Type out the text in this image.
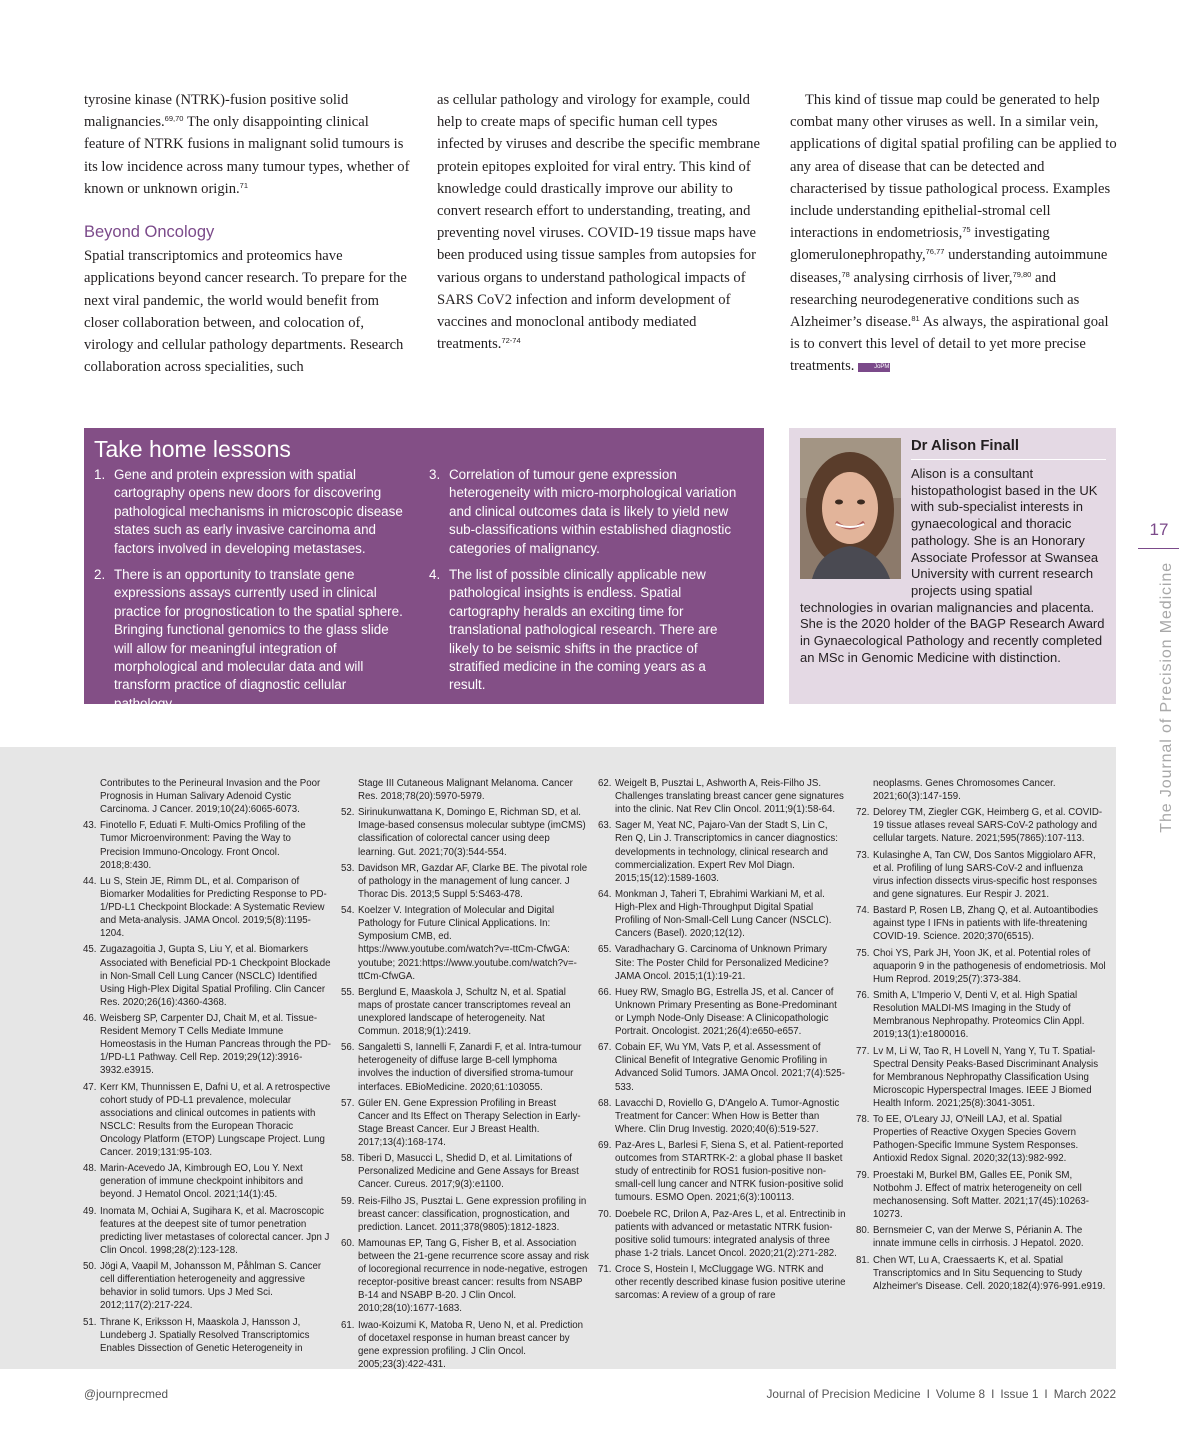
tyrosine kinase (NTRK)-fusion positive solid malignancies.$^{69,70}$ The only disappointing clinical feature of NTRK fusions in malignant solid tumours is its low incidence across many tumour types, whether of known or unknown origin.$^{71}$

Beyond Oncology

Spatial transcriptomics and proteomics have applications beyond cancer research. To prepare for the next viral pandemic, the world would benefit from closer collaboration between, and colocation of, virology and cellular pathology departments. Research collaboration across specialities, such

as cellular pathology and virology for example, could help to create maps of specific human cell types infected by viruses and describe the specific membrane protein epitopes exploited for viral entry. This kind of knowledge could drastically improve our ability to convert research effort to understanding, treating, and preventing novel viruses. COVID-19 tissue maps have been produced using tissue samples from autopsies for various organs to understand pathological impacts of SARS CoV2 infection and inform development of vaccines and monoclonal antibody mediated treatments.$^{72-74}$

This kind of tissue map could be generated to help combat many other viruses as well. In a similar vein, applications of digital spatial profiling can be applied to any area of disease that can be detected and characterised by tissue pathological process. Examples include understanding epithelial-stromal cell interactions in endometriosis,$^{75}$ investigating glomerulonephropathy,$^{76,77}$ understanding autoimmune diseases,$^{78}$ analysing cirrhosis of liver,$^{79,80}$ and researching neurodegenerative conditions such as Alzheimer’s disease.$^{81}$ As always, the aspirational goal is to convert this level of detail to yet more precise treatments.	JoPM

Take home lessons
1. Gene and protein expression with spatial cartography opens new doors for discovering pathological mechanisms in microscopic disease states such as early invasive carcinoma and factors involved in developing metastases.
2. There is an opportunity to translate gene expressions assays currently used in clinical practice for prognostication to the spatial sphere. Bringing functional genomics to the glass slide will allow for meaningful integration of morphological and molecular data and will transform practice of diagnostic cellular pathology.
3. Correlation of tumour gene expression heterogeneity with micro-morphological variation and clinical outcomes data is likely to yield new sub-classifications within established diagnostic categories of malignancy.
4. The list of possible clinically applicable new pathological insights is endless. Spatial cartography heralds an exciting time for translational pathological research. There are likely to be seismic shifts in the practice of stratified medicine in the coming years as a result.
Dr Alison Finall
Alison is a consultant histopathologist based in the UK with sub-specialist interests in gynaecological and thoracic pathology. She is an Honorary Associate Professor at Swansea University with current research projects using spatial technologies in ovarian malignancies and placenta. She is the 2020 holder of the BAGP Research Award in Gynaecological Pathology and recently completed an MSc in Genomic Medicine with distinction.
17
The Journal of Precision Medicine
Contributes to the Perineural Invasion and the Poor Prognosis in Human Salivary Adenoid Cystic Carcinoma. J Cancer. 2019;10(24):6065-6073.
43. Finotello F, Eduati F. Multi-Omics Profiling of the Tumor Microenvironment: Paving the Way to Precision Immuno-Oncology. Front Oncol. 2018;8:430.
44. Lu S, Stein JE, Rimm DL, et al. Comparison of Biomarker Modalities for Predicting Response to PD-1/PD-L1 Checkpoint Blockade: A Systematic Review and Meta-analysis. JAMA Oncol. 2019;5(8):1195-1204.
45. Zugazagoitia J, Gupta S, Liu Y, et al. Biomarkers Associated with Beneficial PD-1 Checkpoint Blockade in Non-Small Cell Lung Cancer (NSCLC) Identified Using High-Plex Digital Spatial Profiling. Clin Cancer Res. 2020;26(16):4360-4368.
46. Weisberg SP, Carpenter DJ, Chait M, et al. Tissue-Resident Memory T Cells Mediate Immune Homeostasis in the Human Pancreas through the PD-1/PD-L1 Pathway. Cell Rep. 2019;29(12):3916-3932.e3915.
47. Kerr KM, Thunnissen E, Dafni U, et al. A retrospective cohort study of PD-L1 prevalence, molecular associations and clinical outcomes in patients with NSCLC: Results from the European Thoracic Oncology Platform (ETOP) Lungscape Project. Lung Cancer. 2019;131:95-103.
48. Marin-Acevedo JA, Kimbrough EO, Lou Y. Next generation of immune checkpoint inhibitors and beyond. J Hematol Oncol. 2021;14(1):45.
49. Inomata M, Ochiai A, Sugihara K, et al. Macroscopic features at the deepest site of tumor penetration predicting liver metastases of colorectal cancer. Jpn J Clin Oncol. 1998;28(2):123-128.
50. Jögi A, Vaapil M, Johansson M, Påhlman S. Cancer cell differentiation heterogeneity and aggressive behavior in solid tumors. Ups J Med Sci. 2012;117(2):217-224.
51. Thrane K, Eriksson H, Maaskola J, Hansson J, Lundeberg J. Spatially Resolved Transcriptomics Enables Dissection of Genetic Heterogeneity in
Stage III Cutaneous Malignant Melanoma. Cancer Res. 2018;78(20):5970-5979.
52. Sirinukunwattana K, Domingo E, Richman SD, et al. Image-based consensus molecular subtype (imCMS) classification of colorectal cancer using deep learning. Gut. 2021;70(3):544-554.
53. Davidson MR, Gazdar AF, Clarke BE. The pivotal role of pathology in the management of lung cancer. J Thorac Dis. 2013;5 Suppl 5:S463-478.
54. Koelzer V. Integration of Molecular and Digital Pathology for Future Clinical Applications. In: Symposium CMB, ed. https://www.youtube.com/watch?v=-ttCm-CfwGA: youtube; 2021:https://www.youtube.com/watch?v=-ttCm-CfwGA.
55. Berglund E, Maaskola J, Schultz N, et al. Spatial maps of prostate cancer transcriptomes reveal an unexplored landscape of heterogeneity. Nat Commun. 2018;9(1):2419.
56. Sangaletti S, Iannelli F, Zanardi F, et al. Intra-tumour heterogeneity of diffuse large B-cell lymphoma involves the induction of diversified stroma-tumour interfaces. EBioMedicine. 2020;61:103055.
57. Güler EN. Gene Expression Profiling in Breast Cancer and Its Effect on Therapy Selection in Early-Stage Breast Cancer. Eur J Breast Health. 2017;13(4):168-174.
58. Tiberi D, Masucci L, Shedid D, et al. Limitations of Personalized Medicine and Gene Assays for Breast Cancer. Cureus. 2017;9(3):e1100.
59. Reis-Filho JS, Pusztai L. Gene expression profiling in breast cancer: classification, prognostication, and prediction. Lancet. 2011;378(9805):1812-1823.
60. Mamounas EP, Tang G, Fisher B, et al. Association between the 21-gene recurrence score assay and risk of locoregional recurrence in node-negative, estrogen receptor-positive breast cancer: results from NSABP B-14 and NSABP B-20. J Clin Oncol. 2010;28(10):1677-1683.
61. Iwao-Koizumi K, Matoba R, Ueno N, et al. Prediction of docetaxel response in human breast cancer by gene expression profiling. J Clin Oncol. 2005;23(3):422-431.
62. Weigelt B, Pusztai L, Ashworth A, Reis-Filho JS. Challenges translating breast cancer gene signatures into the clinic. Nat Rev Clin Oncol. 2011;9(1):58-64.
63. Sager M, Yeat NC, Pajaro-Van der Stadt S, Lin C, Ren Q, Lin J. Transcriptomics in cancer diagnostics: developments in technology, clinical research and commercialization. Expert Rev Mol Diagn. 2015;15(12):1589-1603.
64. Monkman J, Taheri T, Ebrahimi Warkiani M, et al. High-Plex and High-Throughput Digital Spatial Profiling of Non-Small-Cell Lung Cancer (NSCLC). Cancers (Basel). 2020;12(12).
65. Varadhachary G. Carcinoma of Unknown Primary Site: The Poster Child for Personalized Medicine? JAMA Oncol. 2015;1(1):19-21.
66. Huey RW, Smaglo BG, Estrella JS, et al. Cancer of Unknown Primary Presenting as Bone-Predominant or Lymph Node-Only Disease: A Clinicopathologic Portrait. Oncologist. 2021;26(4):e650-e657.
67. Cobain EF, Wu YM, Vats P, et al. Assessment of Clinical Benefit of Integrative Genomic Profiling in Advanced Solid Tumors. JAMA Oncol. 2021;7(4):525-533.
68. Lavacchi D, Roviello G, D'Angelo A. Tumor-Agnostic Treatment for Cancer: When How is Better than Where. Clin Drug Investig. 2020;40(6):519-527.
69. Paz-Ares L, Barlesi F, Siena S, et al. Patient-reported outcomes from STARTRK-2: a global phase II basket study of entrectinib for ROS1 fusion-positive non-small-cell lung cancer and NTRK fusion-positive solid tumours. ESMO Open. 2021;6(3):100113.
70. Doebele RC, Drilon A, Paz-Ares L, et al. Entrectinib in patients with advanced or metastatic NTRK fusion-positive solid tumours: integrated analysis of three phase 1-2 trials. Lancet Oncol. 2020;21(2):271-282.
71. Croce S, Hostein I, McCluggage WG. NTRK and other recently described kinase fusion positive uterine sarcomas: A review of a group of rare
neoplasms. Genes Chromosomes Cancer. 2021;60(3):147-159.
72. Delorey TM, Ziegler CGK, Heimberg G, et al. COVID-19 tissue atlases reveal SARS-CoV-2 pathology and cellular targets. Nature. 2021;595(7865):107-113.
73. Kulasinghe A, Tan CW, Dos Santos Miggiolaro AFR, et al. Profiling of lung SARS-CoV-2 and influenza virus infection dissects virus-specific host responses and gene signatures. Eur Respir J. 2021.
74. Bastard P, Rosen LB, Zhang Q, et al. Autoantibodies against type I IFNs in patients with life-threatening COVID-19. Science. 2020;370(6515).
75. Choi YS, Park JH, Yoon JK, et al. Potential roles of aquaporin 9 in the pathogenesis of endometriosis. Mol Hum Reprod. 2019;25(7):373-384.
76. Smith A, L'Imperio V, Denti V, et al. High Spatial Resolution MALDI-MS Imaging in the Study of Membranous Nephropathy. Proteomics Clin Appl. 2019;13(1):e1800016.
77. Lv M, Li W, Tao R, H Lovell N, Yang Y, Tu T. Spatial-Spectral Density Peaks-Based Discriminant Analysis for Membranous Nephropathy Classification Using Microscopic Hyperspectral Images. IEEE J Biomed Health Inform. 2021;25(8):3041-3051.
78. To EE, O'Leary JJ, O'Neill LAJ, et al. Spatial Properties of Reactive Oxygen Species Govern Pathogen-Specific Immune System Responses. Antioxid Redox Signal. 2020;32(13):982-992.
79. Proestaki M, Burkel BM, Galles EE, Ponik SM, Notbohm J. Effect of matrix heterogeneity on cell mechanosensing. Soft Matter. 2021;17(45):10263-10273.
80. Bernsmeier C, van der Merwe S, Périanin A. The innate immune cells in cirrhosis. J Hepatol. 2020.
81. Chen WT, Lu A, Craessaerts K, et al. Spatial Transcriptomics and In Situ Sequencing to Study Alzheimer's Disease. Cell. 2020;182(4):976-991.e919.
@journprecmed	Journal of Precision Medicine I Volume 8 I Issue 1 I March 2022
